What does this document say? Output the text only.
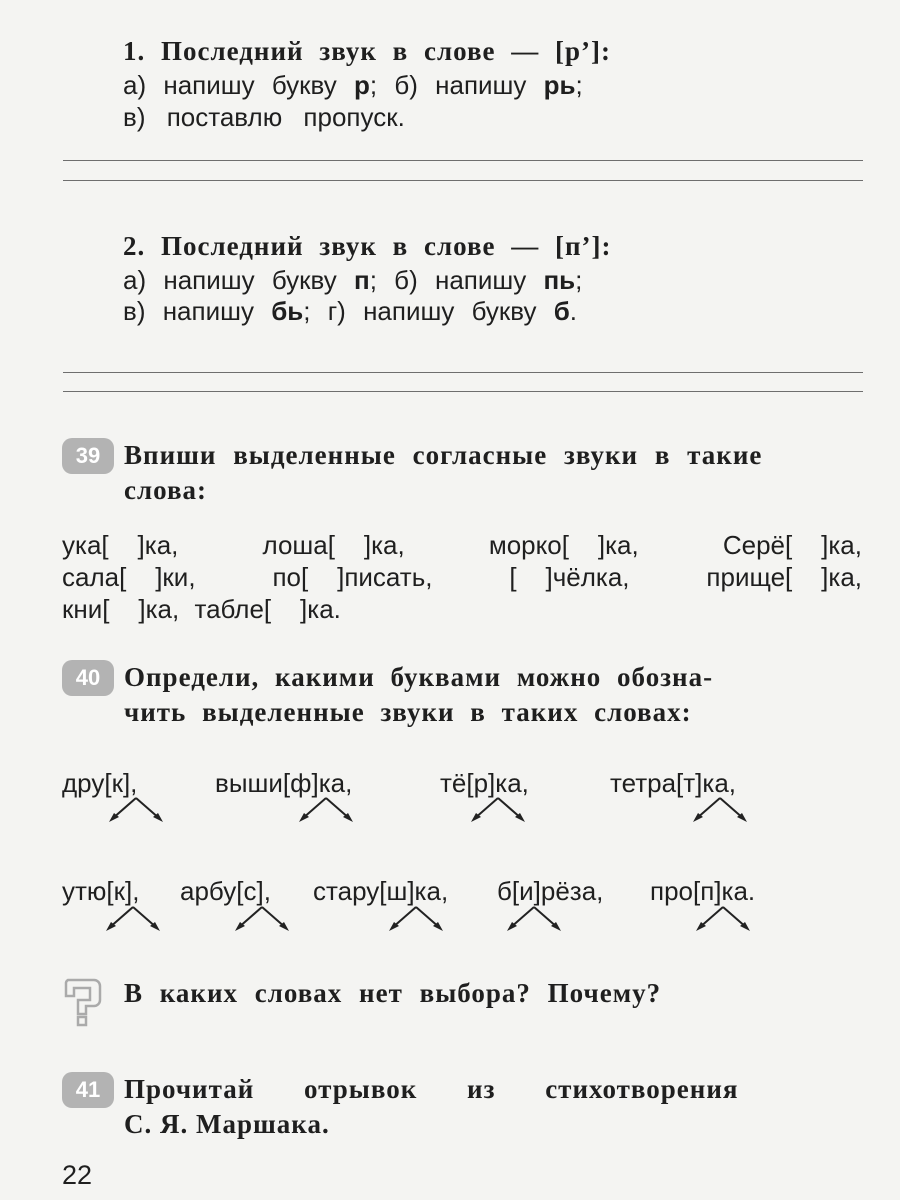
1. Последний звук в слове — [р’]:
а) напишу букву р; б) напишу рь;
в) поставлю пропуск.
2. Последний звук в слове — [п’]:
а) напишу букву п; б) напишу пь;
в) напишу бь; г) напишу букву б.
39 Впиши выделенные согласные звуки в такие
слова:
ука[    ]ка,	лоша[    ]ка,	морко[    ]ка,	Серё[    ]ка,
сала[    ]ки,	по[    ]писать,	[    ]чёлка,	прище[    ]ка,
кни[    ]ка, табле[    ]ка.
40 Определи, какими буквами можно обозна-
чить выделенные звуки в таких словах:
дру[к],	выши[ф]ка,	тё[р]ка,	тетра[т]ка,
утю[к], арбу[с], стару[ш]ка, б[и]рёза, про[п]ка.
В каких словах нет выбора? Почему?
41 Прочитай отрывок из стихотворения
С. Я. Маршака.
22
